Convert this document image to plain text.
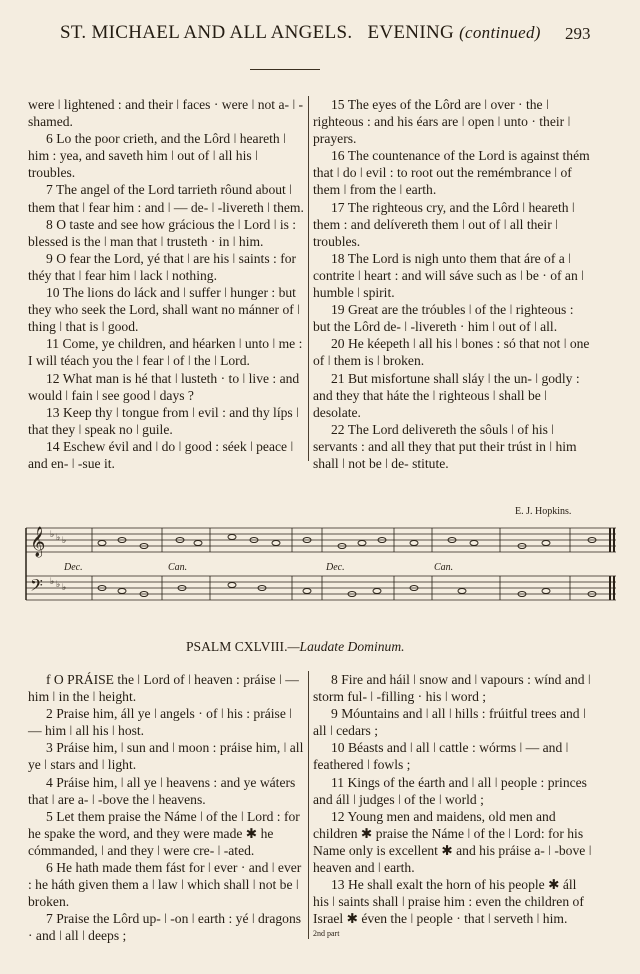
ST. MICHAEL AND ALL ANGELS. EVENING (continued)	293

were ǀ lightened : and their ǀ faces · were ǀ not a- ǀ -shamed.

6 Lo the poor crieth, and the Lôrd ǀ heareth ǀ him : yea, and saveth him ǀ out of ǀ all his ǀ troubles.

7 The angel of the Lord tarrieth rôund about ǀ them that ǀ fear him : and ǀ — de- ǀ -livereth ǀ them.

8 O taste and see how grácious the ǀ Lord ǀ is : blessed is the ǀ man that ǀ trusteth · in ǀ him.

9 O fear the Lord, yé that ǀ are his ǀ saints : for théy that ǀ fear him ǀ lack ǀ nothing.

10 The lions do láck and ǀ suffer ǀ hunger : but they who seek the Lord, shall want no mánner of ǀ thing ǀ that is ǀ good.

11 Come, ye children, and héarken ǀ unto ǀ me : I will téach you the ǀ fear ǀ of ǀ the ǀ Lord.

12 What man is hé that ǀ lusteth · to ǀ live : and would ǀ fain ǀ see good ǀ days ?

13 Keep thy ǀ tongue from ǀ evil : and thy líps ǀ that they ǀ speak no ǀ guile.

14 Eschew évil and ǀ do ǀ good : séek ǀ peace ǀ and en- ǀ -sue it.

15 The eyes of the Lôrd are ǀ over · the ǀ righteous : and his éars are ǀ open ǀ unto · their ǀ prayers.

16 The countenance of the Lord is against thém that ǀ do ǀ evil : to root out the remémbrance ǀ of them ǀ from the ǀ earth.

17 The righteous cry, and the Lôrd ǀ heareth ǀ them : and delívereth them ǀ out of ǀ all their ǀ troubles.

18 The Lord is nigh unto them that áre of a ǀ contrite ǀ heart : and will sáve such as ǀ be · of an ǀ humble ǀ spirit.

19 Great are the tróubles ǀ of the ǀ righteous : but the Lôrd de- ǀ -livereth · him ǀ out of ǀ all.

20 He kéepeth ǀ all his ǀ bones : só that not ǀ one of ǀ them is ǀ broken.

21 But misfortune shall sláy ǀ the un- ǀ godly : and they that háte the ǀ righteous ǀ shall be ǀ desolate.

22 The Lord delivereth the sôuls ǀ of his ǀ servants : and all they that put their trúst in ǀ him shall ǀ not be ǀ de- stitute.

E. J. Hopkins.
𝄞
𝄢
♭ ♭ ♭
♭ ♭ ♭
Dec.	Can.	Dec.	Can.
PSALM CXLVIII.—Laudate Dominum.

f O PRÁISE the ǀ Lord of ǀ heaven : práise ǀ — him ǀ in the ǀ height.

2 Praise him, áll ye ǀ angels · of ǀ his : práise ǀ — him ǀ all his ǀ host.

3 Práise him, ǀ sun and ǀ moon : práise him, ǀ all ye ǀ stars and ǀ light.

4 Práise him, ǀ all ye ǀ heavens : and ye wáters that ǀ are a- ǀ -bove the ǀ heavens.

5 Let them praise the Náme ǀ of the ǀ Lord : for he spake the word, and they were made ✱ he cómmanded, ǀ and they ǀ were cre- ǀ -ated.

6 He hath made them fást for ǀ ever · and ǀ ever : he háth given them a ǀ law ǀ which shall ǀ not be ǀ broken.

7 Praise the Lôrd up- ǀ -on ǀ earth : yé ǀ dragons · and ǀ all ǀ deeps ;

8 Fire and háil ǀ snow and ǀ vapours : wínd and ǀ storm ful- ǀ -filling · his ǀ word ;

9 Móuntains and ǀ all ǀ hills : frúitful trees and ǀ all ǀ cedars ;

10 Béasts and ǀ all ǀ cattle : wórms ǀ — and ǀ feathered ǀ fowls ;

11 Kings of the éarth and ǀ all ǀ people : princes and áll ǀ judges ǀ of the ǀ world ;

12 Young men and maidens, old men and children ✱ praise the Náme ǀ of the ǀ Lord: for his Name only is excellent ✱ and his práise a- ǀ -bove ǀ heaven and ǀ earth.

13 He shall exalt the horn of his people ✱ áll his ǀ saints shall ǀ praise him : even the children of Israel ✱ éven the ǀ people · that ǀ serveth ǀ him.

2nd part
